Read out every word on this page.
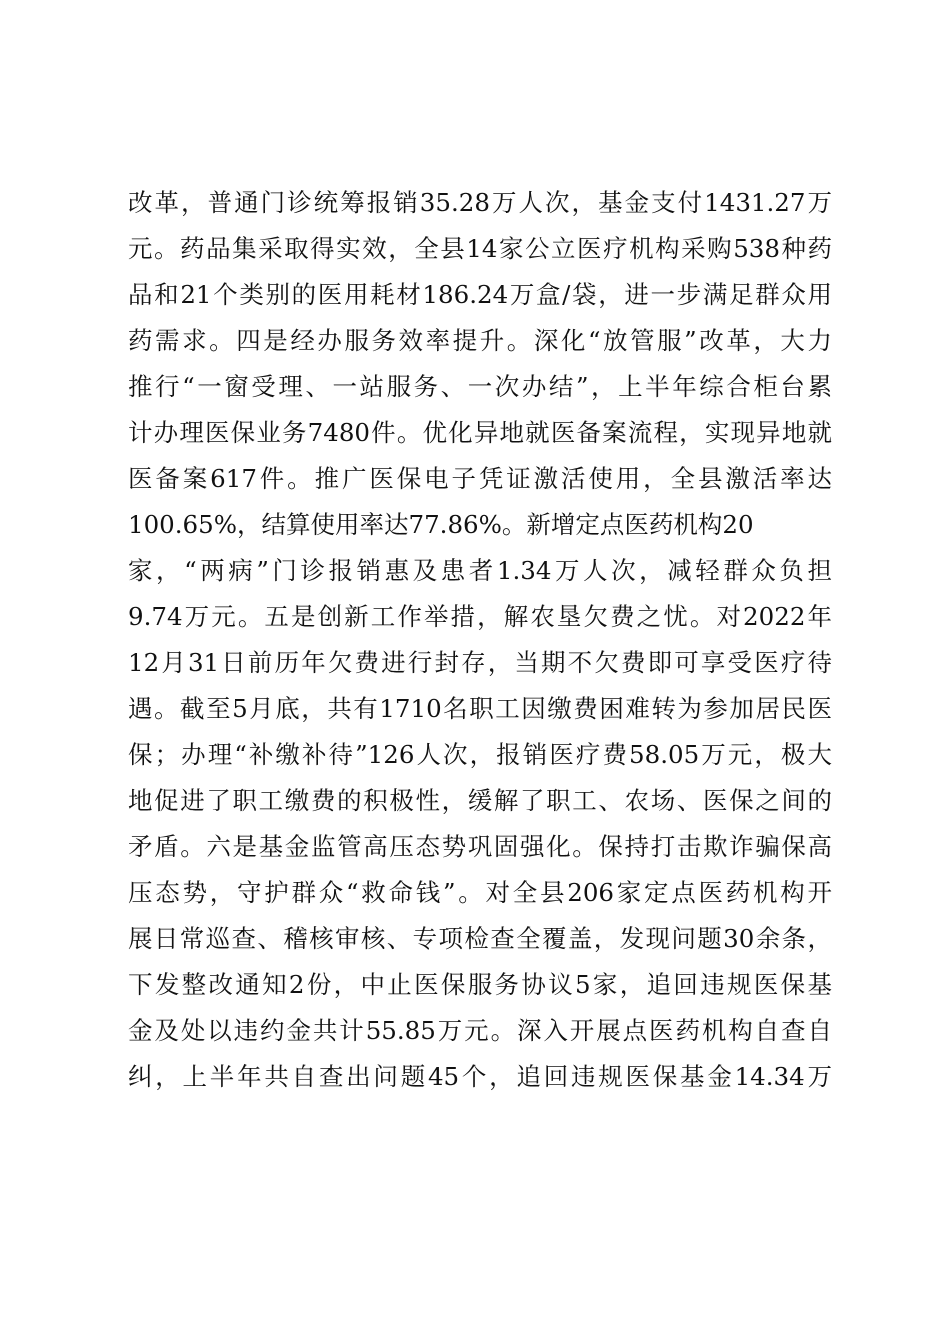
改革，普通门诊统筹报销35.28万人次，基金支付1431.27万
元。药品集采取得实效，全县14家公立医疗机构采购538种药
品和21个类别的医用耗材186.24万盒/袋，进一步满足群众用
药需求。四是经办服务效率提升。深化“放管服”改革，大力
推行“一窗受理、一站服务、一次办结”，上半年综合柜台累
计办理医保业务7480件。优化异地就医备案流程，实现异地就
医备案617件。推广医保电子凭证激活使用，全县激活率达
100.65%，结算使用率达77.86%。新增定点医药机构20
家，“两病”门诊报销惠及患者1.34万人次，减轻群众负担
9.74万元。五是创新工作举措，解农垦欠费之忧。对2022年
12月31日前历年欠费进行封存，当期不欠费即可享受医疗待
遇。截至5月底，共有1710名职工因缴费困难转为参加居民医
保；办理“补缴补待”126人次，报销医疗费58.05万元，极大
地促进了职工缴费的积极性，缓解了职工、农场、医保之间的
矛盾。六是基金监管高压态势巩固强化。保持打击欺诈骗保高
压态势，守护群众“救命钱”。对全县206家定点医药机构开
展日常巡查、稽核审核、专项检查全覆盖，发现问题30余条，
下发整改通知2份，中止医保服务协议5家，追回违规医保基
金及处以违约金共计55.85万元。深入开展点医药机构自查自
纠，上半年共自查出问题45个，追回违规医保基金14.34万
